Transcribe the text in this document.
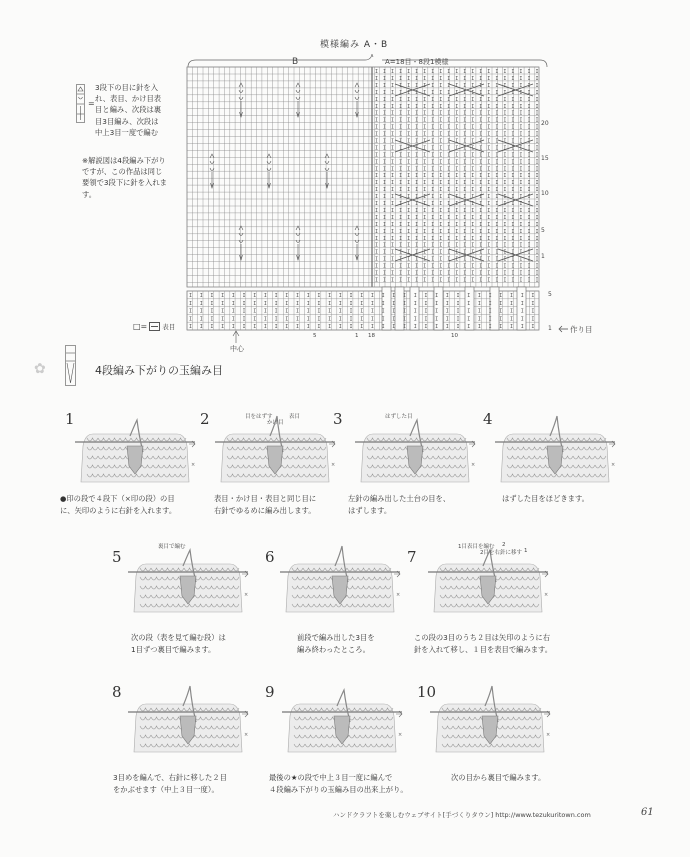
模様編み A・B
B	A=18目・8段1模様
I I I I I I I I I I I I I I I I I I I I I I I I I I I I I I I I I
I I I I I I I I I I I I I I I I I I I I I I I I I I I I I I I I I
I I I I I I I I I I I I I I I I I I I I I I I I I I I I I I I I I
I I I I I I I I I I I I I I I I I I I I I I I I I I I I I I I I I
I I I I I I I I I I I I I I I I I I I I I I I I I I I I I I I I I
I I I I I I I I I I I I I I I I I I I I I
I I I I I I I I I I I I I I I I I I I I I
I I I I I I I I I I I I I I I I I I I I I
I I I I I I I I I I I I I I I I I I I I I
I I I I I I I I I I I I I I I I I I I I I
I I I I I I I I I I I I I I I I I I I I I
I I I I I I I I I I I I I I I I I I I I I
I I I I I I I I I I I I I I I I I I I I I
I I I I I I I I I I I I I I I I I I I I I
I I I I I I I I I I I I I I I I I I I I I
I I I I I I I I I I I I I I I I I I I I I
I I I I I I I I I I I I I I I I I I I I I
I I I I I I I I I I I I I I I I I I I I I
I I I I I I I I I I I I I I I I I I I I I
I I I I I I I I I I I I I I I I I I I I I
I I I I I I I I I I I I I I I I I I I I I
I I I I I I I I I I I I I I I I I I I I I
I I I I I I I I I I I I I I I I I I I I I
I I I I I I I I I I I I I I I I I I I I I
I I I I I I I I I I I I I I I I I I I I I
I I I I I I I I I I I I I I I I I I I I I
I I I I I I I I I I I I I I I I I I I I I
I I I I I I I I I I I I I I I I I I I I I
I I I I I I I I I I I I I I I I I I I I I
I I I I I I I I I I I I I I I I I I I I I
I I I I I I I I I I I I I I I I I I I I I
I I I I I I I I I I I I I I I I I I I I I
I I I I I I I I I I I I I I I I I I I I I
I I I I I I I I I I I I I I I I I I I I I
I I I I I I I I I I I I I I I I I I I I I
I I I I I I I I I I I I I I I I I I I I I
20
15
10
5
1
5
1
5	1 18	10
中心
作り目
□= 表目
=
3段下の目に針を入れ、表目、かけ目表目と編み、次段は裏目3目編み、次段は中上3目一度で編む
※解説図は4段編み下がりですが、この作品は同じ要領で3段下に針を入れます。
✿	4段編み下がりの玉編み目
1
×
●印の段で４段下（×印の段）の目
に、矢印のように右針を入れます。
2
×
目をはずす
かけ目
表目
表目・かけ目・表目と同じ目に
右針でゆるめに編み出します。
3
×
はずした目
左針の編み出した土台の目を、
はずします。
4
×
はずした目をほどきます。
5
×
裏目で編む
次の段（表を見て編む段）は
1目ずつ裏目で編みます。
6
×
前段で編み出した3目を
編み終わったところ。
7
×
1目表目を編む
2目を右針に移す
2
1
この段の3目のうち２目は矢印のように右
針を入れて移し、１目を表目で編みます。
8
×
3目めを編んで、右針に移した２目
をかぶせます（中上３目一度）。
9
×
最後の★の段で中上３目一度に編んで
４段編み下がりの玉編み目の出来上がり。
10
×
次の目から裏目で編みます。
ハンドクラフトを楽しむウェブサイト[手づくりタウン] http://www.tezukuritown.com	61
